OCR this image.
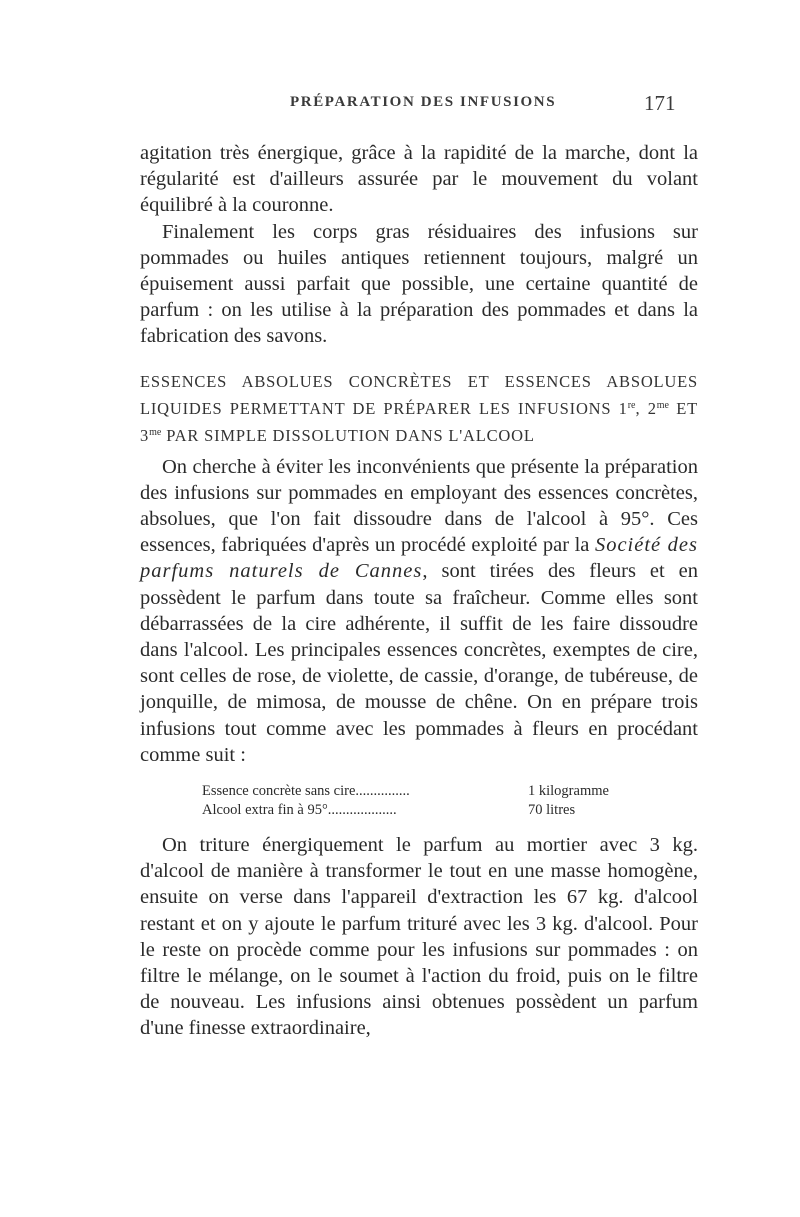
PRÉPARATION DES INFUSIONS	171

agitation très énergique, grâce à la rapidité de la marche, dont la régularité est d'ailleurs assurée par le mouvement du volant équilibré à la couronne.

Finalement les corps gras résiduaires des infusions sur pommades ou huiles antiques retiennent toujours, malgré un épuisement aussi parfait que possible, une certaine quantité de parfum : on les utilise à la préparation des pommades et dans la fabrication des savons.

ESSENCES ABSOLUES CONCRÈTES ET ESSENCES ABSOLUES LIQUIDES PERMETTANT DE PRÉPARER LES INFUSIONS 1re, $2^{me}$ ET $3^{me}$ PAR SIMPLE DISSOLUTION DANS L'ALCOOL

On cherche à éviter les inconvénients que présente la préparation des infusions sur pommades en employant des essences concrètes, absolues, que l'on fait dissoudre dans de l'alcool à 95°. Ces essences, fabriquées d'après un procédé exploité par la Société des parfums naturels de Cannes, sont tirées des fleurs et en possèdent le parfum dans toute sa fraîcheur. Comme elles sont débarrassées de la cire adhérente, il suffit de les faire dissoudre dans l'alcool. Les principales essences concrètes, exemptes de cire, sont celles de rose, de violette, de cassie, d'orange, de tubéreuse, de jonquille, de mimosa, de mousse de chêne. On en prépare trois infusions tout comme avec les pommades à fleurs en procédant comme suit :

Essence concrète sans cire...............	1 kilogramme
Alcool extra fin à 95°...................	70 litres

On triture énergiquement le parfum au mortier avec 3 kg. d'alcool de manière à transformer le tout en une masse homogène, ensuite on verse dans l'appareil d'extraction les 67 kg. d'alcool restant et on y ajoute le parfum trituré avec les 3 kg. d'alcool. Pour le reste on procède comme pour les infusions sur pommades : on filtre le mélange, on le soumet à l'action du froid, puis on le filtre de nouveau. Les infusions ainsi obtenues possèdent un parfum d'une finesse extraordinaire,
